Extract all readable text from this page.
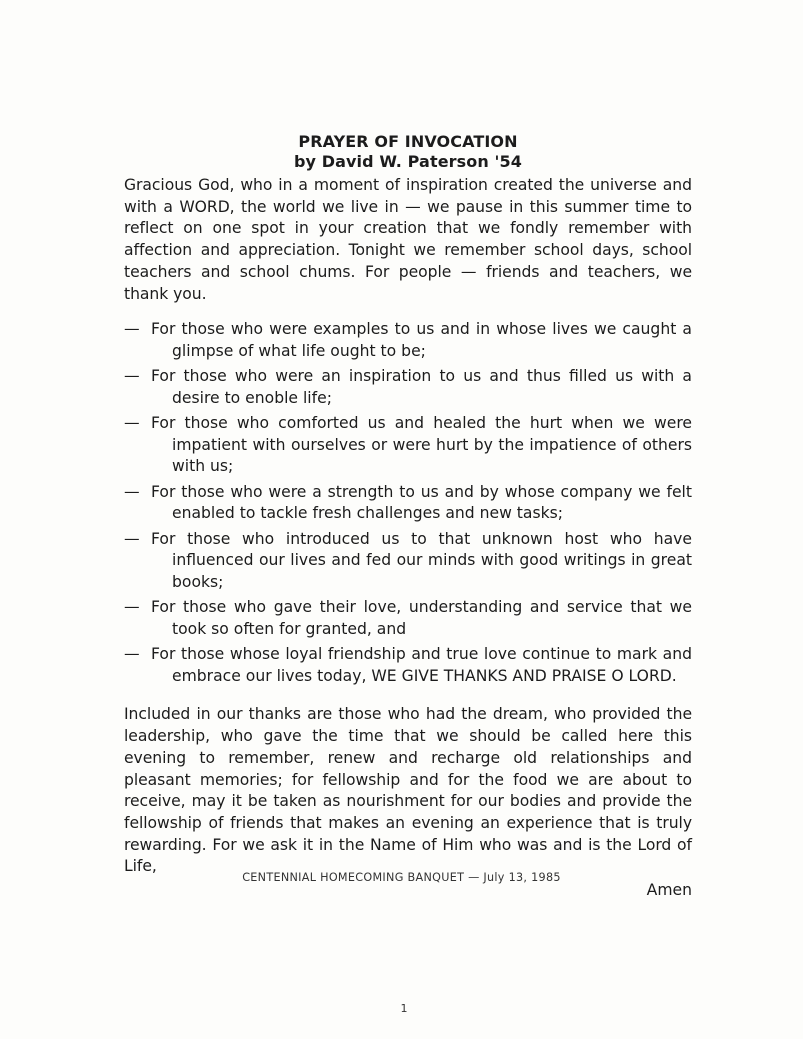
PRAYER OF INVOCATION
by David W. Paterson '54

Gracious God, who in a moment of inspiration created the universe and with a WORD, the world we live in — we pause in this summer time to reflect on one spot in your creation that we fondly remember with affection and appreciation. Tonight we remember school days, school teachers and school chums. For people — friends and teachers, we thank you.

— For those who were examples to us and in whose lives we caught a glimpse of what life ought to be;
— For those who were an inspiration to us and thus filled us with a desire to enoble life;
— For those who comforted us and healed the hurt when we were impatient with ourselves or were hurt by the impatience of others with us;
— For those who were a strength to us and by whose company we felt enabled to tackle fresh challenges and new tasks;
— For those who introduced us to that unknown host who have influenced our lives and fed our minds with good writings in great books;
— For those who gave their love, understanding and service that we took so often for granted, and
— For those whose loyal friendship and true love continue to mark and embrace our lives today, WE GIVE THANKS AND PRAISE O LORD.

Included in our thanks are those who had the dream, who provided the leadership, who gave the time that we should be called here this evening to remember, renew and recharge old relationships and pleasant memories; for fellowship and for the food we are about to receive, may it be taken as nourishment for our bodies and provide the fellowship of friends that makes an evening an experience that is truly rewarding. For we ask it in the Name of Him who was and is the Lord of Life,

Amen
CENTENNIAL HOMECOMING BANQUET — July 13, 1985
1
